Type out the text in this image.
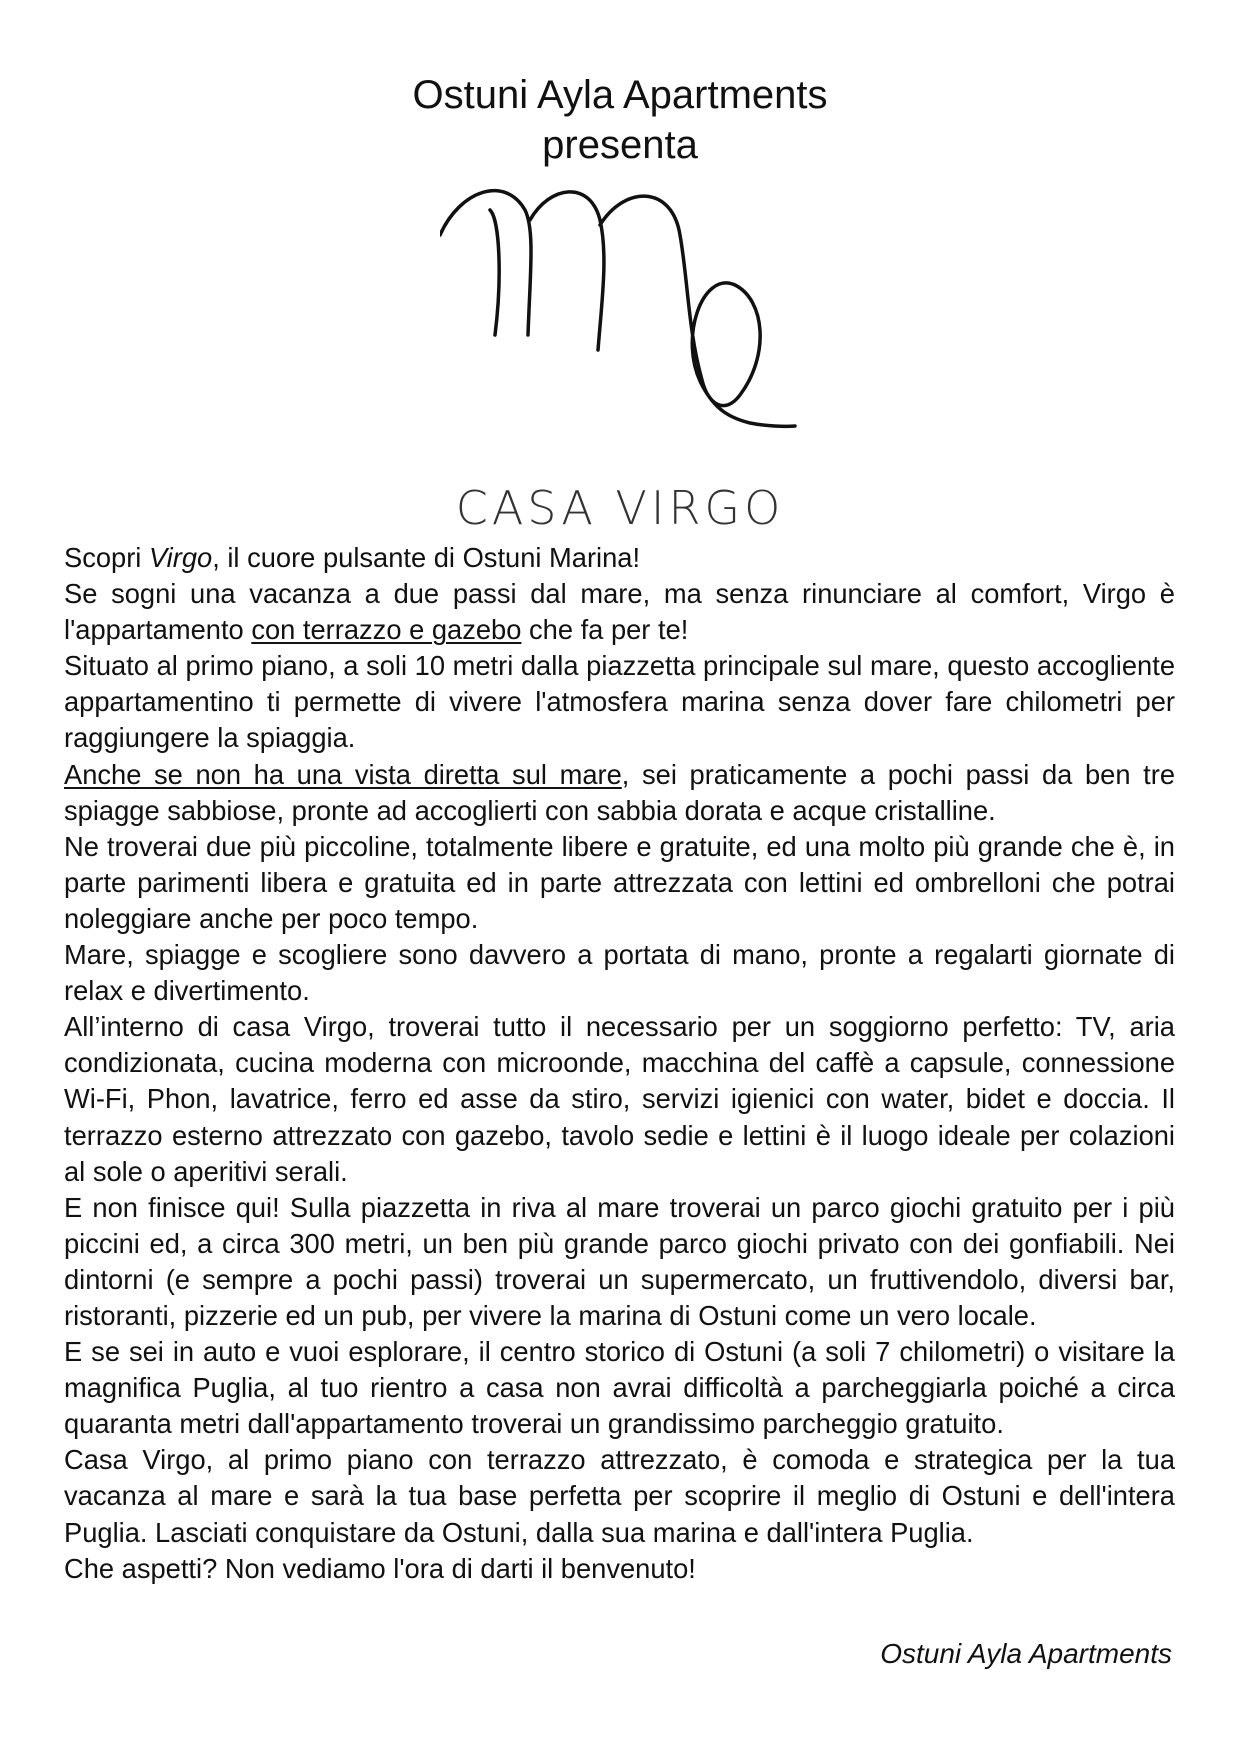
Ostuni Ayla Apartments
presenta
CASA VIRGO

Scopri Virgo, il cuore pulsante di Ostuni Marina!

Se sogni una vacanza a due passi dal mare, ma senza rinunciare al comfort, Virgo è l'appartamento con terrazzo e gazebo che fa per te!

Situato al primo piano, a soli 10 metri dalla piazzetta principale sul mare, questo accogliente appartamentino ti permette di vivere l'atmosfera marina senza dover fare chilometri per raggiungere la spiaggia.

Anche se non ha una vista diretta sul mare, sei praticamente a pochi passi da ben tre spiagge sabbiose, pronte ad accoglierti con sabbia dorata e acque cristalline.

Ne troverai due più piccoline, totalmente libere e gratuite, ed una molto più grande che è, in parte parimenti libera e gratuita ed in parte attrezzata con lettini ed ombrelloni che potrai noleggiare anche per poco tempo.

Mare, spiagge e scogliere sono davvero a portata di mano, pronte a regalarti giornate di relax e divertimento.

All’interno di casa Virgo, troverai tutto il necessario per un soggiorno perfetto: TV, aria condizionata, cucina moderna con microonde, macchina del caffè a capsule, connessione Wi-Fi, Phon, lavatrice, ferro ed asse da stiro, servizi igienici con water, bidet e doccia. Il terrazzo esterno attrezzato con gazebo, tavolo sedie e lettini è il luogo ideale per colazioni al sole o aperitivi serali.

E non finisce qui! Sulla piazzetta in riva al mare troverai un parco giochi gratuito per i più piccini ed, a circa 300 metri, un ben più grande parco giochi privato con dei gonfiabili. Nei dintorni (e sempre a pochi passi) troverai un supermercato, un fruttivendolo, diversi bar, ristoranti, pizzerie ed un pub, per vivere la marina di Ostuni come un vero locale.

E se sei in auto e vuoi esplorare, il centro storico di Ostuni (a soli 7 chilometri) o visitare la magnifica Puglia, al tuo rientro a casa non avrai difficoltà a parcheggiarla poiché a circa quaranta metri dall'appartamento troverai un grandissimo parcheggio gratuito.

Casa Virgo, al primo piano con terrazzo attrezzato, è comoda e strategica per la tua vacanza al mare e sarà la tua base perfetta per scoprire il meglio di Ostuni e dell'intera Puglia. Lasciati conquistare da Ostuni, dalla sua marina e dall'intera Puglia.

Che aspetti? Non vediamo l'ora di darti il benvenuto!

Ostuni Ayla Apartments
